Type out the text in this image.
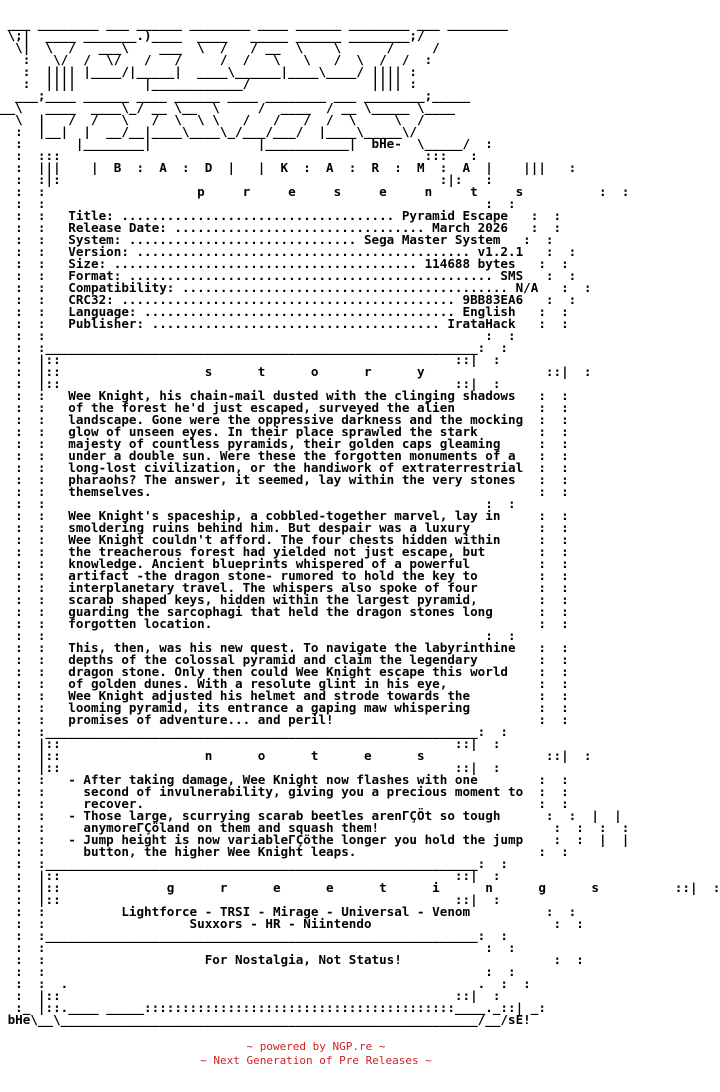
___ ________ ___ ______ ________ ____ ______ ________ ___ ________
\;|  ____ _______.)____  ____   _____ ______ ________;/
\|  \  /   ___\    ___  \  /   / __  \    \      /     /
:   \/  /  \/   /   /     /  /   \   \   /  \  /  /  :
:  |||| |____/|_____|  ____\______|____\____/ |||| :
:  ||||         |____________/                |||| :
___;____ ______ ____ ______ ____ ________ ___ ________;_____
__\   ____  ____\_/ __ \__  \     /  ____  / __ \_____ \____
\  |   /  /   \   /  \  \ \   /   /   /  /  \     \  /
:  |__|  |  __/__|____\____\_/___/___/  |____\_____\/
:       |________|              |___________|  bHe-  \_____/  :
:  :::                                                :::   :
:  |||    |  B  :  A  :  D  |   |  K  :  A  :  R  :  M  :  A  |    |||   :
:  :|:                                                  :|:   :
:  :                    p     r     e     s     e     n     t     s          :  :
:  :                                                          :  :
:  :   Title: .................................... Pyramid Escape   :  :
:  :   Release Date: ................................. March 2026   :  :
:  :   System: .............................. Sega Master System   :  :
:  :   Version: ............................................ v1.2.1   :  :
:  :   Size: ........................................ 114688 bytes   :  :
:  :   Format: ................................................ SMS   :  :
:  :   Compatibility: ........................................... N/A   :  :
:  :   CRC32: ............................................ 9BB83EA6   :  :
:  :   Language: ......................................... English   :  :
:  :   Publisher: ...................................... IrataHack   :  :
:  :                                                          :  :
:  :_________________________________________________________:  :
:  |::                                                    ::|  :
:  |::                   s      t      o      r      y                ::|  :
:  |::                                                    ::|  :
:  :   Wee Knight, his chain-mail dusted with the clinging shadows   :  :
:  :   of the forest he'd just escaped, surveyed the alien           :  :
:  :   landscape. Gone were the oppressive darkness and the mocking  :  :
:  :   glow of unseen eyes. In their place sprawled the stark        :  :
:  :   majesty of countless pyramids, their golden caps gleaming     :  :
:  :   under a double sun. Were these the forgotten monuments of a   :  :
:  :   long-lost civilization, or the handiwork of extraterrestrial  :  :
:  :   pharaohs? The answer, it seemed, lay within the very stones   :  :
:  :   themselves.                                                   :  :
:  :                                                          :  :
:  :   Wee Knight's spaceship, a cobbled-together marvel, lay in     :  :
:  :   smoldering ruins behind him. But despair was a luxury         :  :
:  :   Wee Knight couldn't afford. The four chests hidden within     :  :
:  :   the treacherous forest had yielded not just escape, but       :  :
:  :   knowledge. Ancient blueprints whispered of a powerful         :  :
:  :   artifact -the dragon stone- rumored to hold the key to        :  :
:  :   interplanetary travel. The whispers also spoke of four        :  :
:  :   scarab shaped keys, hidden within the largest pyramid,        :  :
:  :   guarding the sarcophagi that held the dragon stones long      :  :
:  :   forgotten location.                                           :  :
:  :                                                          :  :
:  :   This, then, was his new quest. To navigate the labyrinthine   :  :
:  :   depths of the colossal pyramid and claim the legendary        :  :
:  :   dragon stone. Only then could Wee Knight escape this world    :  :
:  :   of golden dunes. With a resolute glint in his eye,            :  :
:  :   Wee Knight adjusted his helmet and strode towards the         :  :
:  :   looming pyramid, its entrance a gaping maw whispering         :  :
:  :   promises of adventure... and peril!                           :  :
:  :_________________________________________________________:  :
:  |::                                                    ::|  :
:  |::                   n      o      t      e      s                ::|  :
:  |::                                                    ::|  :
:  :   - After taking damage, Wee Knight now flashes with one        :  :
:  :     second of invulnerability, giving you a precious moment to  :  :
:  :     recover.                                                    :  :
:  :   - Those large, scurrying scarab beetles arenΓÇÖt so tough      :  :  |  |
:  :     anymoreΓÇöland on them and squash them!                       :  :  :  :
:  :   - Jump height is now variableΓÇöthe longer you hold the jump    :  :  |  |
:  :     button, the higher Wee Knight leaps.                        :  :
:  :_________________________________________________________:  :
:  |::                                                    ::|  :
:  |::              g      r      e      e      t      i      n      g      s          ::|  :
:  |::                                                    ::|  :
:  :          Lightforce - TRSI - Mirage - Universal - Venom          :  :
:  :                   Suxxors - HR - Niintendo                        :  :
:  :_________________________________________________________:  :
:  :                                                          :  :
:  :                     For Nostalgia, Not Status!                    :  :
:  :                                                          :  :
:  :  .                                                      .  :  :
:  |::                                                    ::|  :
:_ |::.____ _____:::::::::::::::::::::::::::::::::::::::::____._::| _:
bHe\__\_______________________________________________________/__/sE!
~ powered by NGP.re ~
~ Next Generation of Pre Releases ~
